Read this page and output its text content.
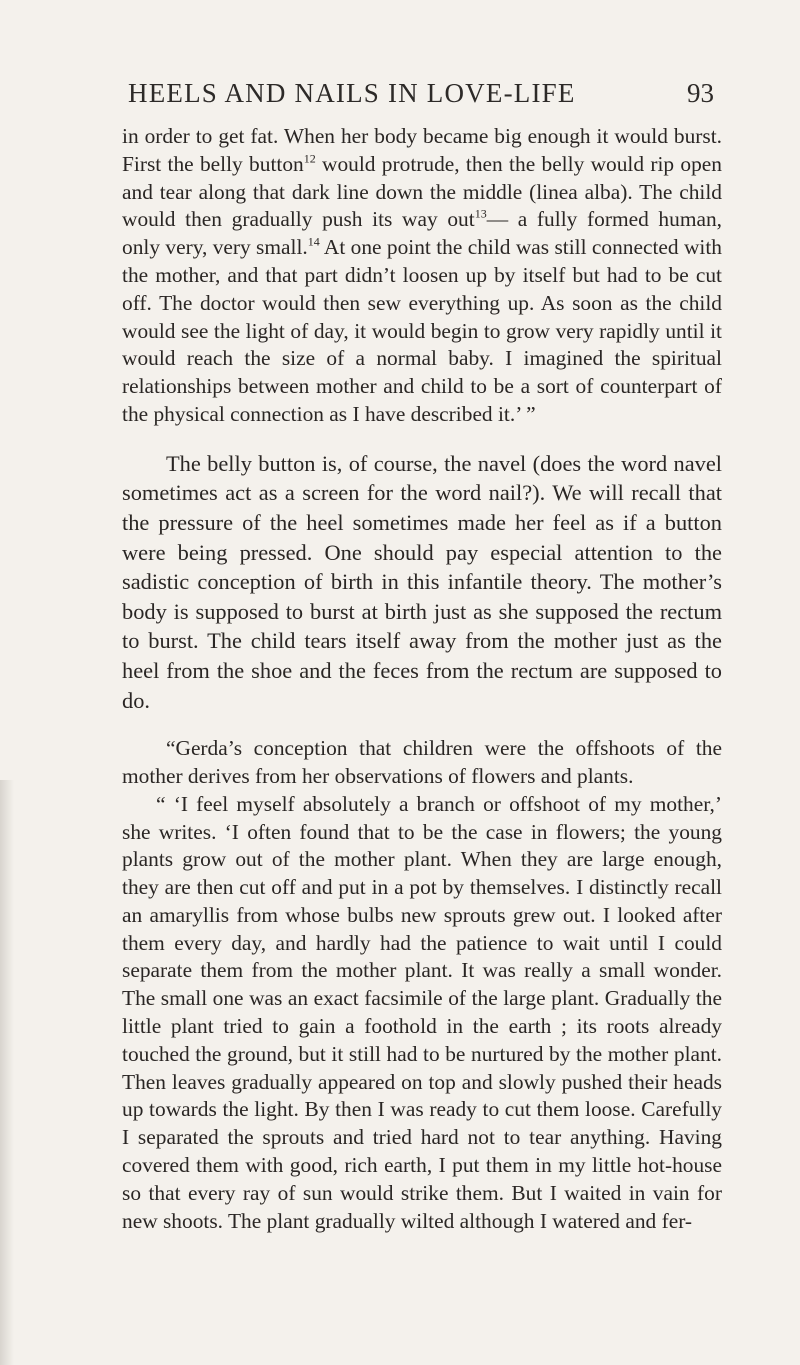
HEELS AND NAILS IN LOVE-LIFE	93

in order to get fat. When her body became big enough it would burst. First the belly button$^{12}$ would protrude, then the belly would rip open and tear along that dark line down the middle (linea alba). The child would then gradually push its way out$^{13}$— a fully formed human, only very, very small.$^{14}$ At one point the child was still connected with the mother, and that part didn’t loosen up by itself but had to be cut off. The doctor would then sew everything up. As soon as the child would see the light of day, it would begin to grow very rapidly until it would reach the size of a normal baby. I imagined the spiritual relationships between mother and child to be a sort of counterpart of the physical connection as I have described it.’ ”

The belly button is, of course, the navel (does the word navel sometimes act as a screen for the word nail?). We will recall that the pressure of the heel sometimes made her feel as if a button were being pressed. One should pay especial attention to the sadistic conception of birth in this infantile theory. The mother’s body is supposed to burst at birth just as she supposed the rectum to burst. The child tears itself away from the mother just as the heel from the shoe and the feces from the rectum are supposed to do.

“Gerda’s conception that children were the offshoots of the mother derives from her observations of flowers and plants.

“ ‘I feel myself absolutely a branch or offshoot of my mother,’ she writes. ‘I often found that to be the case in flowers; the young plants grow out of the mother plant. When they are large enough, they are then cut off and put in a pot by themselves. I distinctly recall an amaryllis from whose bulbs new sprouts grew out. I looked after them every day, and hardly had the patience to wait until I could separate them from the mother plant. It was really a small wonder. The small one was an exact facsimile of the large plant. Gradually the little plant tried to gain a foothold in the earth ; its roots already touched the ground, but it still had to be nurtured by the mother plant. Then leaves gradually appeared on top and slowly pushed their heads up towards the light. By then I was ready to cut them loose. Carefully I separated the sprouts and tried hard not to tear anything. Having covered them with good, rich earth, I put them in my little hot-house so that every ray of sun would strike them. But I waited in vain for new shoots. The plant gradually wilted although I watered and fer-
